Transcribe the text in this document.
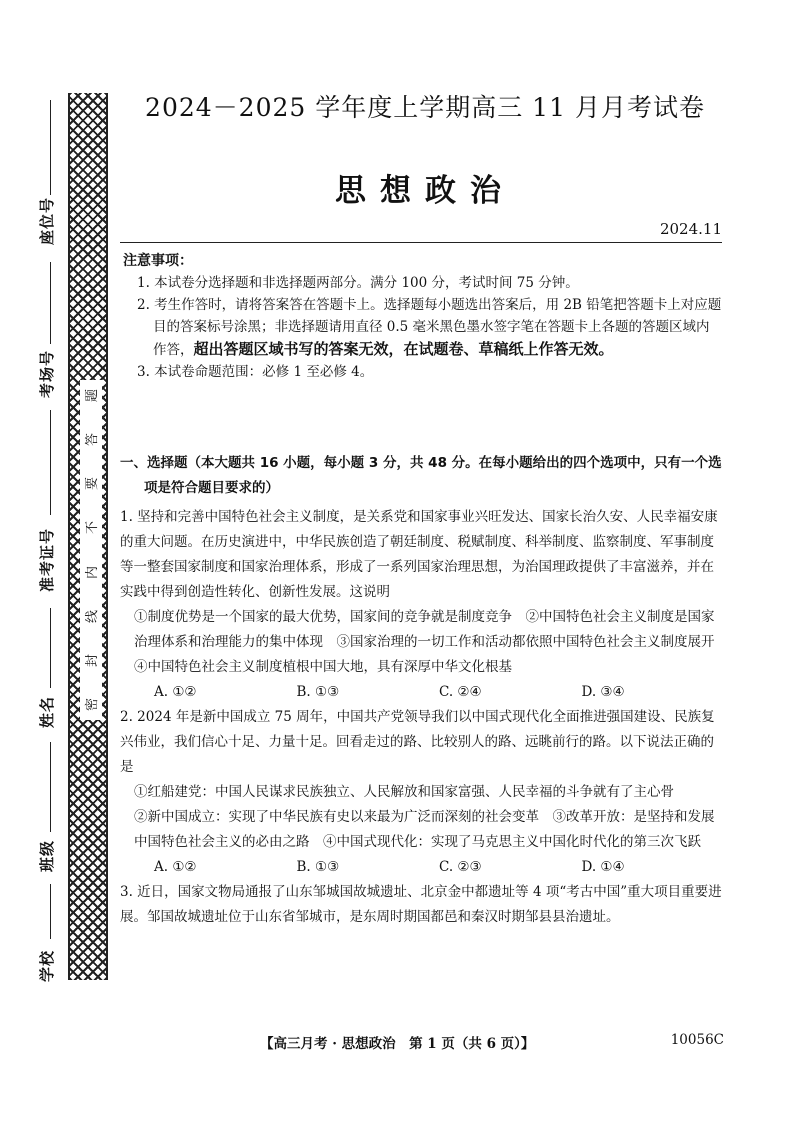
题
答
要
不
内
线
封
密
座位号
考场号
准考证号
姓名
班级
学校
2024－2025 学年度上学期高三 11 月月考试卷
思想政治
2024.11
注意事项：

1. 本试卷分选择题和非选择题两部分。满分 100 分，考试时间 75 分钟。

2. 考生作答时，请将答案答在答题卡上。选择题每小题选出答案后，用 2B 铅笔把答题卡上对应题目的答案标号涂黑；非选择题请用直径 0.5 毫米黑色墨水签字笔在答题卡上各题的答题区域内作答，超出答题区域书写的答案无效，在试题卷、草稿纸上作答无效。

3. 本试卷命题范围：必修 1 至必修 4。

一、选择题（本大题共 16 小题，每小题 3 分，共 48 分。在每小题给出的四个选项中，只有一个选
项是符合题目要求的）

1. 坚持和完善中国特色社会主义制度，是关系党和国家事业兴旺发达、国家长治久安、人民幸福安康的重大问题。在历史演进中，中华民族创造了朝廷制度、税赋制度、科举制度、监察制度、军事制度等一整套国家制度和国家治理体系，形成了一系列国家治理思想，为治国理政提供了丰富滋养，并在实践中得到创造性转化、创新性发展。这说明

①制度优势是一个国家的最大优势，国家间的竞争就是制度竞争　②中国特色社会主义制度是国家治理体系和治理能力的集中体现　③国家治理的一切工作和活动都依照中国特色社会主义制度展开　④中国特色社会主义制度植根中国大地，具有深厚中华文化根基

A. ①②	B. ①③	C. ②④	D. ③④

2. 2024 年是新中国成立 75 周年，中国共产党领导我们以中国式现代化全面推进强国建设、民族复兴伟业，我们信心十足、力量十足。回看走过的路、比较别人的路、远眺前行的路。以下说法正确的是

①红船建党：中国人民谋求民族独立、人民解放和国家富强、人民幸福的斗争就有了主心骨

②新中国成立：实现了中华民族有史以来最为广泛而深刻的社会变革　③改革开放：是坚持和发展中国特色社会主义的必由之路　④中国式现代化：实现了马克思主义中国化时代化的第三次飞跃

A. ①②	B. ①③	C. ②③	D. ①④

3. 近日，国家文物局通报了山东邹城国故城遗址、北京金中都遗址等 4 项“考古中国”重大项目重要进展。邹国故城遗址位于山东省邹城市，是东周时期国都邑和秦汉时期邹县县治遗址。

【高三月考 · 思想政治　第 1 页（共 6 页）】	10056C
